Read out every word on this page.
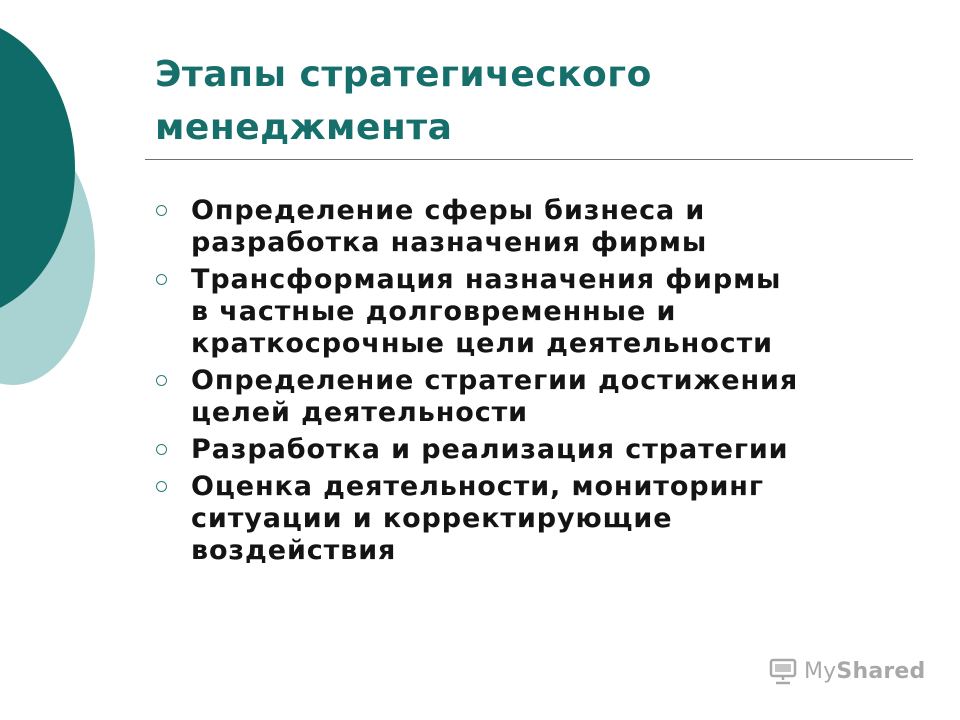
Этапы стратегического
менеджмента
Определение сферы бизнеса и
разработка назначения фирмы
Трансформация назначения фирмы
в частные долговременные и
краткосрочные цели деятельности
Определение стратегии достижения
целей деятельности
Разработка и реализация стратегии
Оценка деятельности, мониторинг
ситуации и корректирующие
воздействия
MyShared
